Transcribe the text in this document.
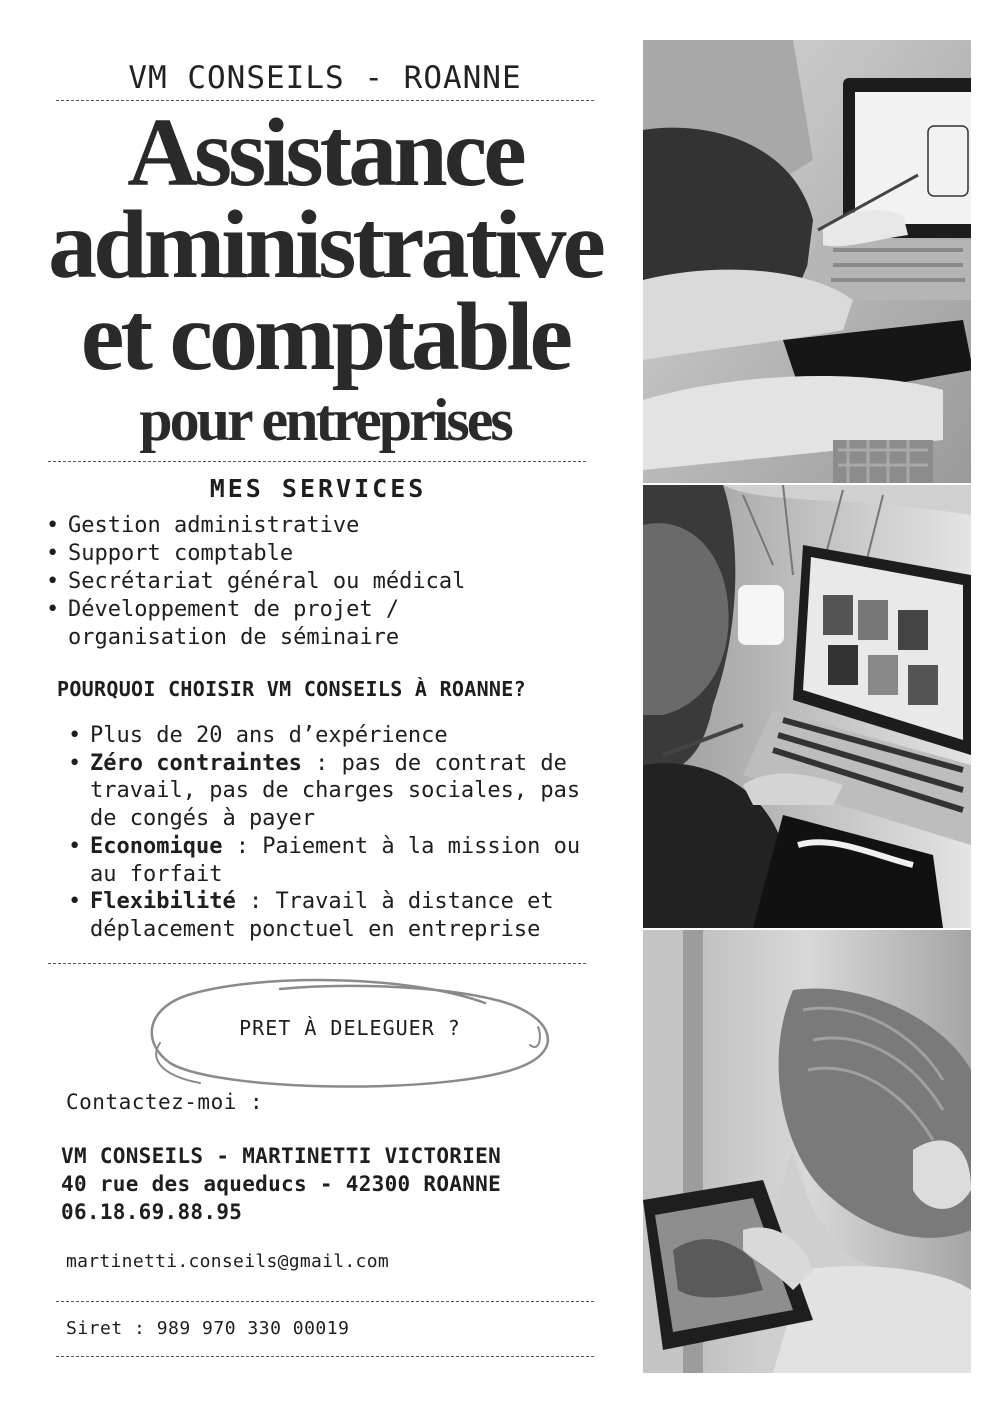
VM CONSEILS - ROANNE
Assistance
administrative
et comptable
pour entreprises
MES SERVICES
• Gestion administrative
• Support comptable
• Secrétariat général ou médical
• Développement de projet /
organisation de séminaire
POURQUOI CHOISIR VM CONSEILS À ROANNE?
• Plus de 20 ans d’expérience
• Zéro contraintes : pas de contrat de travail, pas de charges sociales, pas de congés à payer
• Economique : Paiement à la mission ou au forfait
• Flexibilité : Travail à distance et déplacement ponctuel en entreprise
PRET À DELEGUER ?
Contactez-moi :
VM CONSEILS - MARTINETTI VICTORIEN
40 rue des aqueducs - 42300 ROANNE
06.18.69.88.95
martinetti.conseils@gmail.com
Siret : 989 970 330 00019
